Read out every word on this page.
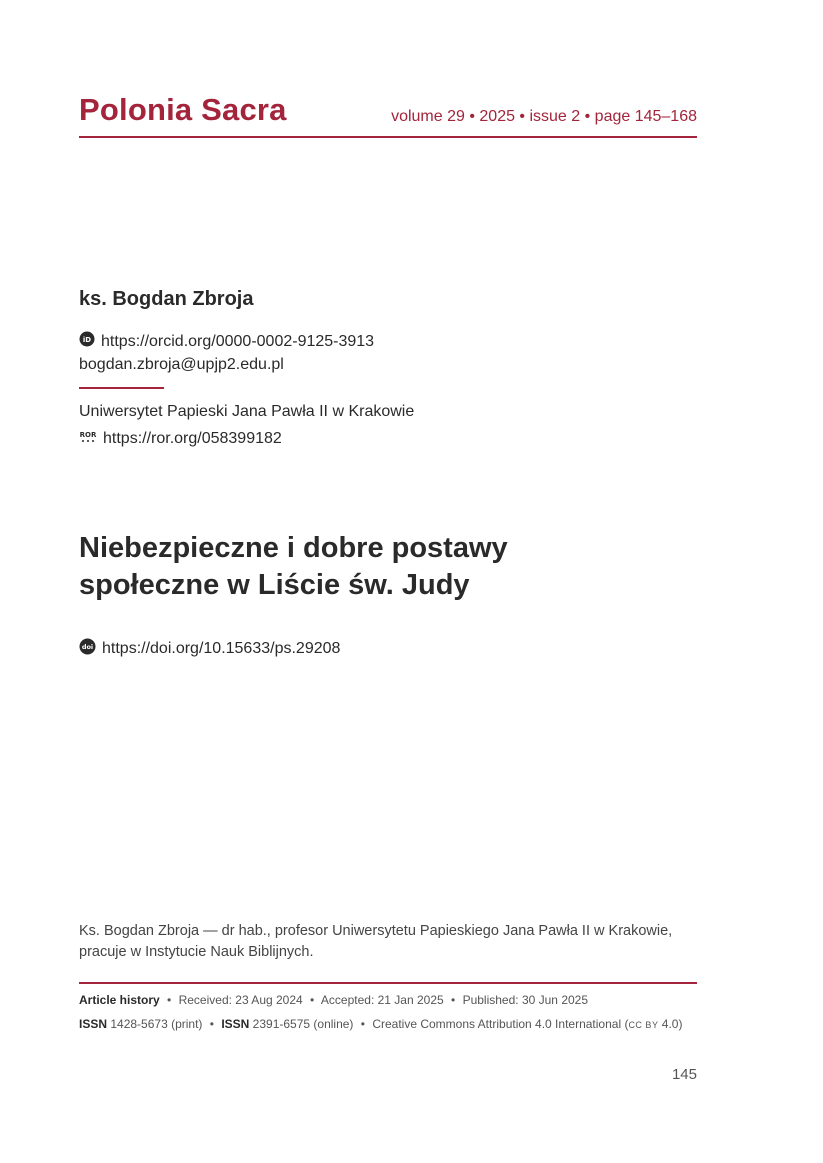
Polonia Sacra	volume 29 • 2025 • issue 2 • page 145–168
ks. Bogdan Zbroja
iD https://orcid.org/0000-0002-9125-3913
bogdan.zbroja@upjp2.edu.pl
Uniwersytet Papieski Jana Pawła II w Krakowie
ROR https://ror.org/058399182
Niebezpieczne i dobre postawy
społeczne w Liście św. Judy
doi https://doi.org/10.15633/ps.29208
Ks. Bogdan Zbroja — dr hab., profesor Uniwersytetu Papieskiego Jana Pawła II w Krakowie, pracuje w Instytucie Nauk Biblijnych.
Article history • Received: 23 Aug 2024 • Accepted: 21 Jan 2025 • Published: 30 Jun 2025
ISSN 1428-5673 (print) • ISSN 2391-6575 (online) • Creative Commons Attribution 4.0 International (CC BY 4.0)
145
